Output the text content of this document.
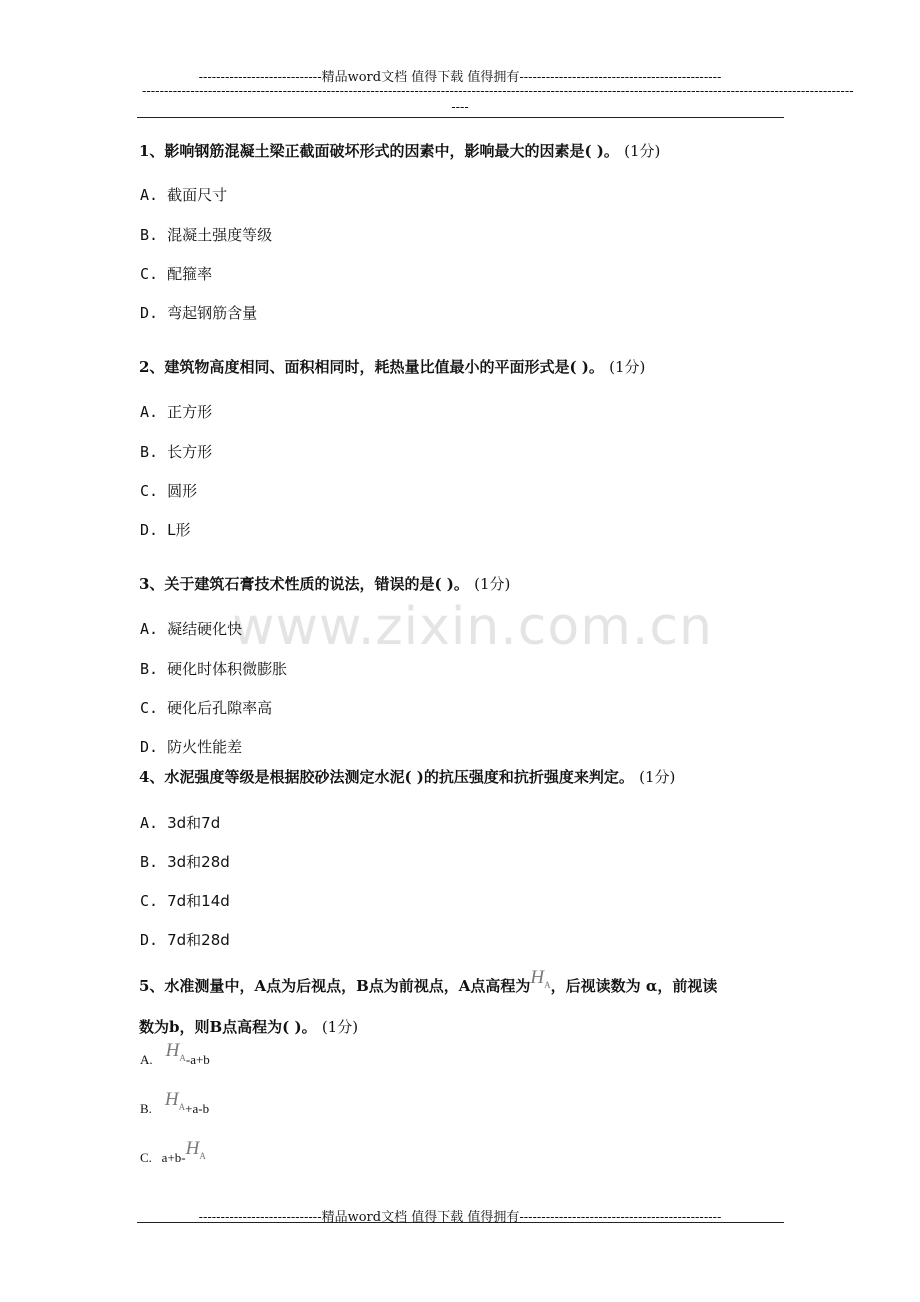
----------------------------精品word文档 值得下载 值得拥有----------------------------------------------
------------------------------------------------------------------------------------------------------------------------------------------------------------------
----
www.zixin.com.cn
1、影响钢筋混凝土梁正截面破坏形式的因素中，影响最大的因素是( )。 (1分)
A. 截面尺寸
B. 混凝土强度等级
C. 配箍率
D. 弯起钢筋含量
2、建筑物高度相同、面积相同时，耗热量比值最小的平面形式是( )。 (1分)
A. 正方形
B. 长方形
C. 圆形
D. L形
3、关于建筑石膏技术性质的说法，错误的是( )。 (1分)
A. 凝结硬化快
B. 硬化时体积微膨胀
C. 硬化后孔隙率高
D. 防火性能差
4、水泥强度等级是根据胶砂法测定水泥( )的抗压强度和抗折强度来判定。 (1分)
A. 3d和7d
B. 3d和28d
C. 7d和14d
D. 7d和28d
5、水准测量中，A点为后视点，B点为前视点，A点高程为$H_A$，后视读数为 α，前视读
数为b，则B点高程为( )。 (1分)
A. $H_A-a+b$
B. $H_A+a-b$
C. $a+b-H_A$
----------------------------精品word文档 值得下载 值得拥有----------------------------------------------
